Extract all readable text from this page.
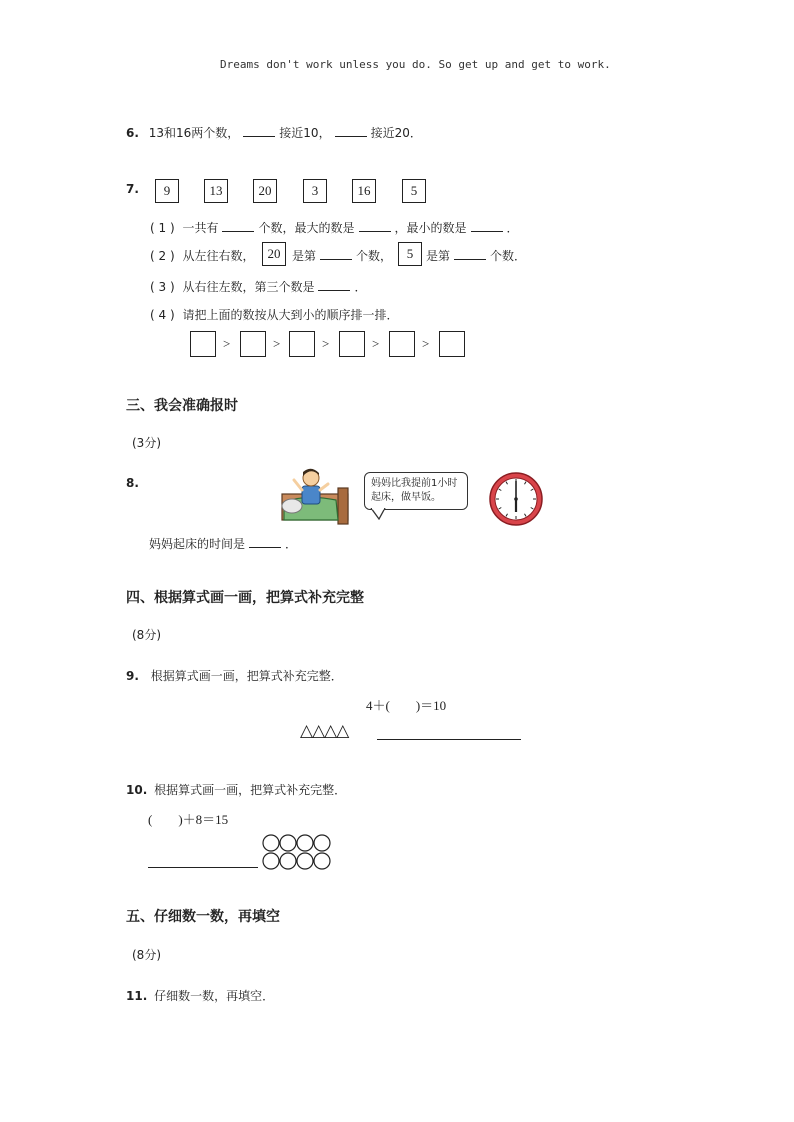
Dreams don't work unless you do. So get up and get to work.
6. 13和16两个数，	接近10，	接近20．
7.	9	13	20	3	16	5
( 1 ) 一共有	个数，最大的数是	，最小的数是	．
( 2 ) 从左往右数，	20 是第	个数，	5	是第	个数．
( 3 ) 从右往左数，第三个数是	．
( 4 ) 请把上面的数按从大到小的顺序排一排．
>	>	>	>	>
三、我会准确报时
(3分)
8.	妈妈比我提前1小时起床，做早饭。
妈妈起床的时间是	．
四、根据算式画一画，把算式补充完整
(8分)
9. 根据算式画一画，把算式补充完整．
4＋(　　)＝10
△△△△
10. 根据算式画一画，把算式补充完整．
(　　)＋8＝15
五、仔细数一数，再填空
(8分)
11. 仔细数一数，再填空．
